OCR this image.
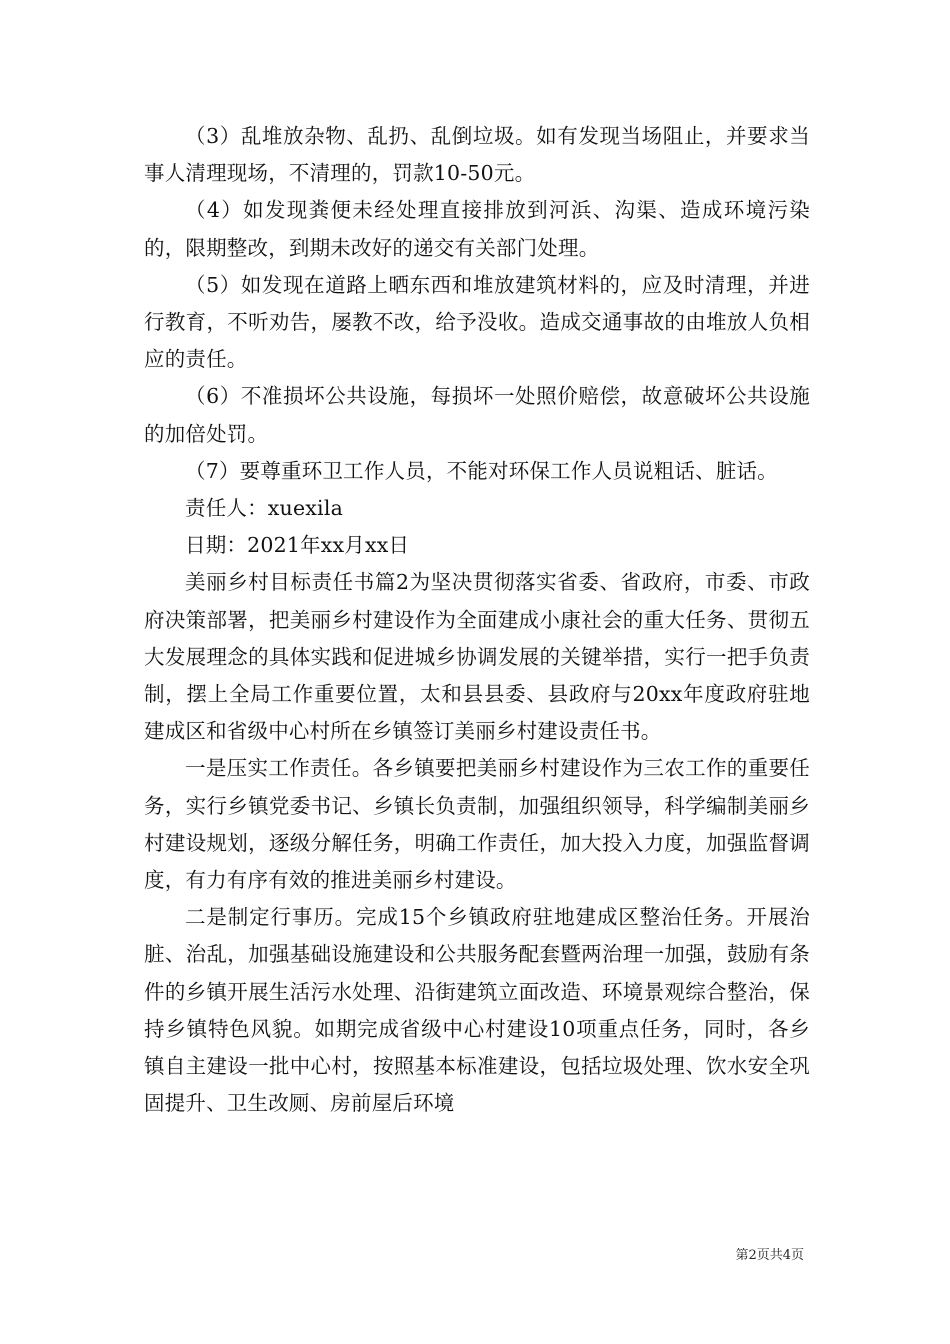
（3）乱堆放杂物、乱扔、乱倒垃圾。如有发现当场阻止，并要求当事人清理现场，不清理的，罚款10-50元。

（4）如发现粪便未经处理直接排放到河浜、沟渠、造成环境污染的，限期整改，到期未改好的递交有关部门处理。

（5）如发现在道路上晒东西和堆放建筑材料的，应及时清理，并进行教育，不听劝告，屡教不改，给予没收。造成交通事故的由堆放人负相应的责任。

（6）不准损坏公共设施，每损坏一处照价赔偿，故意破坏公共设施的加倍处罚。

（7）要尊重环卫工作人员，不能对环保工作人员说粗话、脏话。

责任人：xuexila

日期：2021年xx月xx日

美丽乡村目标责任书篇2为坚决贯彻落实省委、省政府，市委、市政府决策部署，把美丽乡村建设作为全面建成小康社会的重大任务、贯彻五大发展理念的具体实践和促进城乡协调发展的关键举措，实行一把手负责制，摆上全局工作重要位置，太和县县委、县政府与20xx年度政府驻地建成区和省级中心村所在乡镇签订美丽乡村建设责任书。

一是压实工作责任。各乡镇要把美丽乡村建设作为三农工作的重要任务，实行乡镇党委书记、乡镇长负责制，加强组织领导，科学编制美丽乡村建设规划，逐级分解任务，明确工作责任，加大投入力度，加强监督调度，有力有序有效的推进美丽乡村建设。

二是制定行事历。完成15个乡镇政府驻地建成区整治任务。开展治脏、治乱，加强基础设施建设和公共服务配套暨两治理一加强，鼓励有条件的乡镇开展生活污水处理、沿街建筑立面改造、环境景观综合整治，保持乡镇特色风貌。如期完成省级中心村建设10项重点任务，同时，各乡镇自主建设一批中心村，按照基本标准建设，包括垃圾处理、饮水安全巩固提升、卫生改厕、房前屋后环境

第2页共4页
